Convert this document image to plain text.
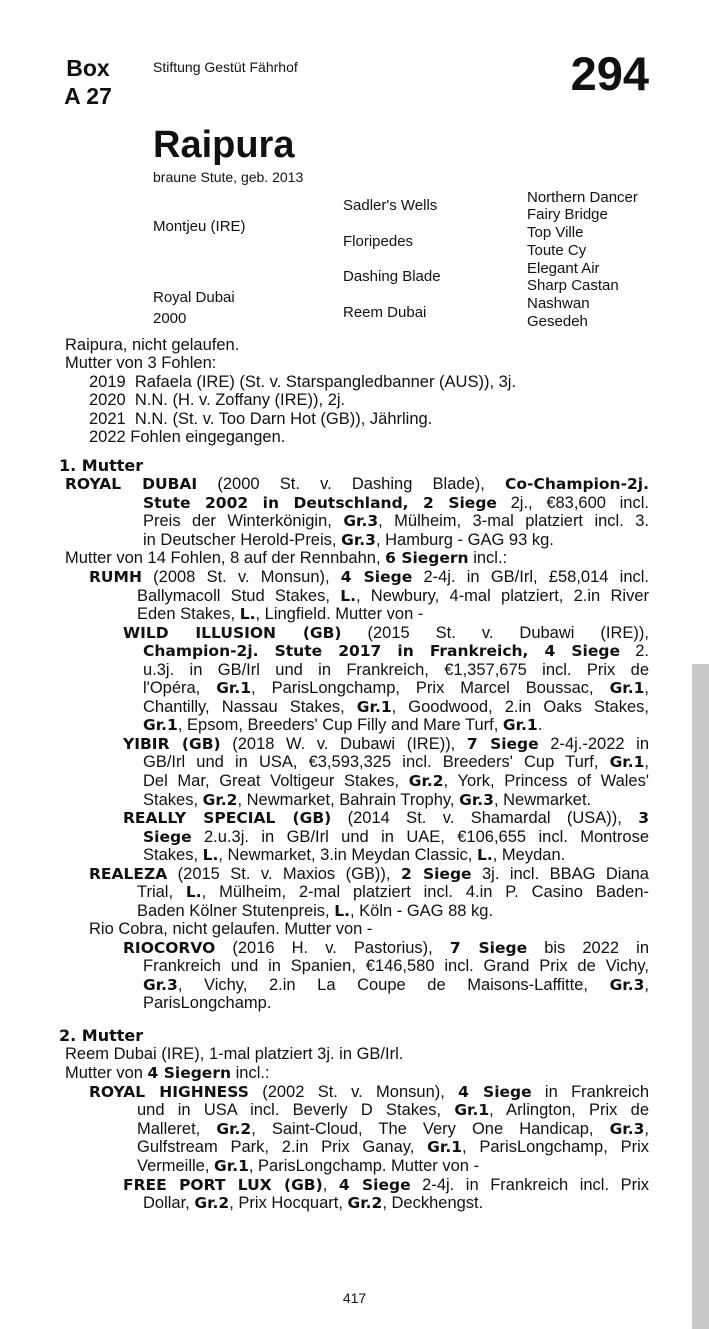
Box
A 27
Stiftung Gestüt Fährhof	294
Raipura
braune Stute, geb. 2013
Montjeu (IRE)
Royal Dubai
2000
Sadler's Wells
Floripedes
Dashing Blade
Reem Dubai
Northern Dancer
Fairy Bridge
Top Ville
Toute Cy
Elegant Air
Sharp Castan
Nashwan
Gesedeh
Raipura, nicht gelaufen.
Mutter von 3 Fohlen:
2019  Rafaela (IRE) (St. v. Starspangledbanner (AUS)), 3j.
2020  N.N. (H. v. Zoffany (IRE)), 2j.
2021  N.N. (St. v. Too Darn Hot (GB)), Jährling.
2022 Fohlen eingegangen.
1. Mutter
ROYAL DUBAI (2000 St. v. Dashing Blade), Co-Champion-2j.
Stute 2002 in Deutschland, 2 Siege 2j., €83,600 incl.
Preis der Winterkönigin, Gr.3, Mülheim, 3-mal platziert incl. 3.
in Deutscher Herold-Preis, Gr.3, Hamburg - GAG 93 kg.
Mutter von 14 Fohlen, 8 auf der Rennbahn, 6 Siegern incl.:
RUMH (2008 St. v. Monsun), 4 Siege 2-4j. in GB/Irl, £58,014 incl.
Ballymacoll Stud Stakes, L., Newbury, 4-mal platziert, 2.in River
Eden Stakes, L., Lingfield. Mutter von -
WILD ILLUSION (GB) (2015 St. v. Dubawi (IRE)),
Champion-2j. Stute 2017 in Frankreich, 4 Siege 2.
u.3j. in GB/Irl und in Frankreich, €1,357,675 incl. Prix de
l'Opéra, Gr.1, ParisLongchamp, Prix Marcel Boussac, Gr.1,
Chantilly, Nassau Stakes, Gr.1, Goodwood, 2.in Oaks Stakes,
Gr.1, Epsom, Breeders' Cup Filly and Mare Turf, Gr.1.
YIBIR (GB) (2018 W. v. Dubawi (IRE)), 7 Siege 2-4j.-2022 in
GB/Irl und in USA, €3,593,325 incl. Breeders' Cup Turf, Gr.1,
Del Mar, Great Voltigeur Stakes, Gr.2, York, Princess of Wales'
Stakes, Gr.2, Newmarket, Bahrain Trophy, Gr.3, Newmarket.
REALLY SPECIAL (GB) (2014 St. v. Shamardal (USA)), 3
Siege 2.u.3j. in GB/Irl und in UAE, €106,655 incl. Montrose
Stakes, L., Newmarket, 3.in Meydan Classic, L., Meydan.
REALEZA (2015 St. v. Maxios (GB)), 2 Siege 3j. incl. BBAG Diana
Trial, L., Mülheim, 2-mal platziert incl. 4.in P. Casino Baden-
Baden Kölner Stutenpreis, L., Köln - GAG 88 kg.
Rio Cobra, nicht gelaufen. Mutter von -
RIOCORVO (2016 H. v. Pastorius), 7 Siege bis 2022 in
Frankreich und in Spanien, €146,580 incl. Grand Prix de Vichy,
Gr.3, Vichy, 2.in La Coupe de Maisons-Laffitte, Gr.3,
ParisLongchamp.
2. Mutter
Reem Dubai (IRE), 1-mal platziert 3j. in GB/Irl.
Mutter von 4 Siegern incl.:
ROYAL HIGHNESS (2002 St. v. Monsun), 4 Siege in Frankreich
und in USA incl. Beverly D Stakes, Gr.1, Arlington, Prix de
Malleret, Gr.2, Saint-Cloud, The Very One Handicap, Gr.3,
Gulfstream Park, 2.in Prix Ganay, Gr.1, ParisLongchamp, Prix
Vermeille, Gr.1, ParisLongchamp. Mutter von -
FREE PORT LUX (GB), 4 Siege 2-4j. in Frankreich incl. Prix
Dollar, Gr.2, Prix Hocquart, Gr.2, Deckhengst.
417
